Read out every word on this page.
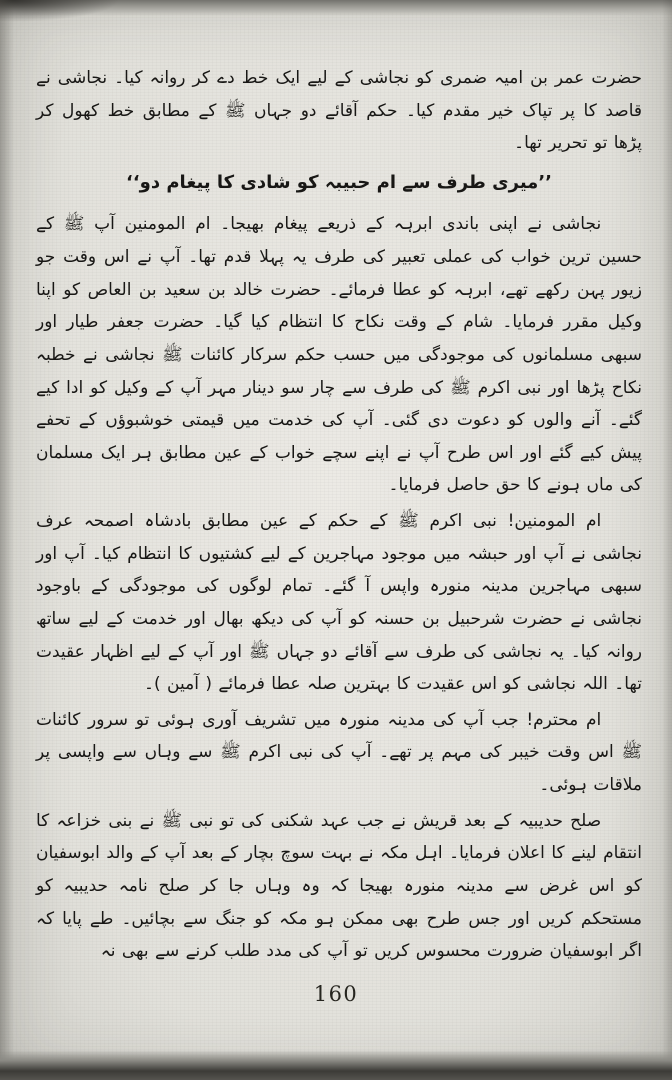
حضرت عمر بن امیہ ضمری کو نجاشی کے لیے ایک خط دے کر روانہ کیا۔ نجاشی نے قاصد کا پر تپاک خیر مقدم کیا۔ حکم آقائے دو جہاں ﷺ کے مطابق خط کھول کر پڑھا تو تحریر تھا۔

’’میری طرف سے ام حبیبہ کو شادی کا پیغام دو‘‘

نجاشی نے اپنی باندی ابرہہ کے ذریعے پیغام بھیجا۔ ام المومنین آپ ﷺ کے حسین ترین خواب کی عملی تعبیر کی طرف یہ پہلا قدم تھا۔ آپ نے اس وقت جو زیور پہن رکھے تھے، ابرہہ کو عطا فرمائے۔ حضرت خالد بن سعید بن العاص کو اپنا وکیل مقرر فرمایا۔ شام کے وقت نکاح کا انتظام کیا گیا۔ حضرت جعفر طیار اور سبھی مسلمانوں کی موجودگی میں حسب حکم سرکار کائنات ﷺ نجاشی نے خطبہ نکاح پڑھا اور نبی اکرم ﷺ کی طرف سے چار سو دینار مہر آپ کے وکیل کو ادا کیے گئے۔ آنے والوں کو دعوت دی گئی۔ آپ کی خدمت میں قیمتی خوشبوؤں کے تحفے پیش کیے گئے اور اس طرح آپ نے اپنے سچے خواب کے عین مطابق ہر ایک مسلمان کی ماں ہونے کا حق حاصل فرمایا۔

ام المومنین! نبی اکرم ﷺ کے حکم کے عین مطابق بادشاہ اصمحہ عرف نجاشی نے آپ اور حبشہ میں موجود مہاجرین کے لیے کشتیوں کا انتظام کیا۔ آپ اور سبھی مہاجرین مدینہ منورہ واپس آ گئے۔ تمام لوگوں کی موجودگی کے باوجود نجاشی نے حضرت شرحبیل بن حسنہ کو آپ کی دیکھ بھال اور خدمت کے لیے ساتھ روانہ کیا۔ یہ نجاشی کی طرف سے آقائے دو جہاں ﷺ اور آپ کے لیے اظہار عقیدت تھا۔ اللہ نجاشی کو اس عقیدت کا بہترین صلہ عطا فرمائے ( آمین )۔

ام محترم! جب آپ کی مدینہ منورہ میں تشریف آوری ہوئی تو سرور کائنات ﷺ اس وقت خیبر کی مہم پر تھے۔ آپ کی نبی اکرم ﷺ سے وہاں سے واپسی پر ملاقات ہوئی۔

صلح حدیبیہ کے بعد قریش نے جب عہد شکنی کی تو نبی ﷺ نے بنی خزاعہ کا انتقام لینے کا اعلان فرمایا۔ اہل مکہ نے بہت سوچ بچار کے بعد آپ کے والد ابوسفیان کو اس غرض سے مدینہ منورہ بھیجا کہ وہ وہاں جا کر صلح نامہ حدیبیہ کو مستحکم کریں اور جس طرح بھی ممکن ہو مکہ کو جنگ سے بچائیں۔ طے پایا کہ اگر ابوسفیان ضرورت محسوس کریں تو آپ کی مدد طلب کرنے سے بھی نہ

160
